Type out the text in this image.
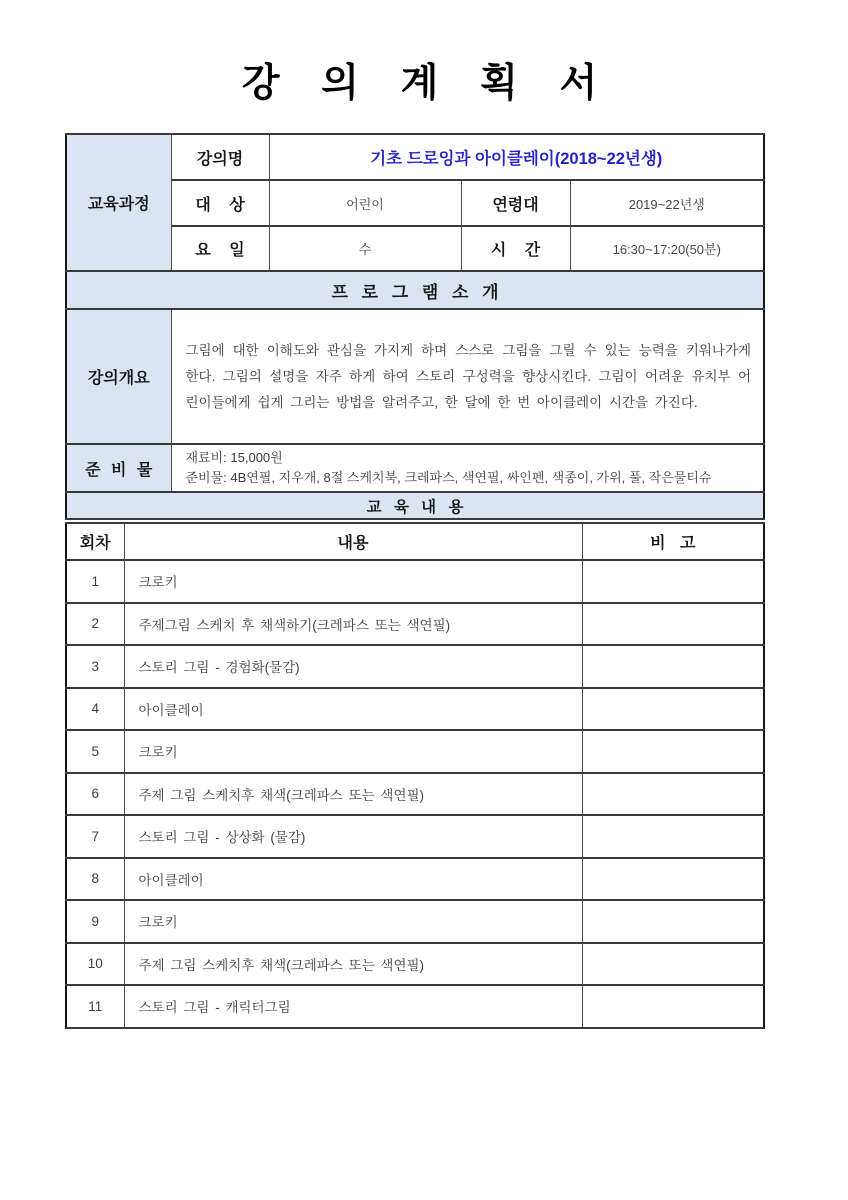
강 의 계 획 서
교육과정	강의명	기초 드로잉과 아이클레이(2018~22년생)		
	대 상	어린이	연령대	2019~22년생
	요 일	수	시 간	16:30~17:20(50분)
프 로 그 램 소 개				
강의개요	그림에 대한 이해도와 관심을 가지게 하며 스스로 그림을 그릴 수 있는 능력을 키워나가게 한다. 그림의 설명을 자주 하게 하여 스토리 구성력을 향상시킨다. 그림이 어려운 유치부 어린이들에게 쉽게 그리는 방법을 알려주고, 한 달에 한 번 아이클레이 시간을 가진다.			
준 비 물	재료비: 15,000원
준비물: 4B연필, 지우개, 8절 스케치북, 크레파스, 색연필, 싸인펜, 색종이, 가위, 풀, 작은물티슈			

교 육 내 용				
회차	내용	비 고
1	크로키	
2	주제그림 스케치 후 채색하기(크레파스 또는 색연필)	
3	스토리 그림 - 경험화(물감)	
4	아이클레이	
5	크로키	
6	주제 그림 스케치후 채색(크레파스 또는 색연필)	
7	스토리 그림 - 상상화 (물감)	
8	아이클레이	
9	크로키	
10	주제 그림 스케치후 채색(크레파스 또는 색연필)	
11	스토리 그림 - 캐릭터그림	
